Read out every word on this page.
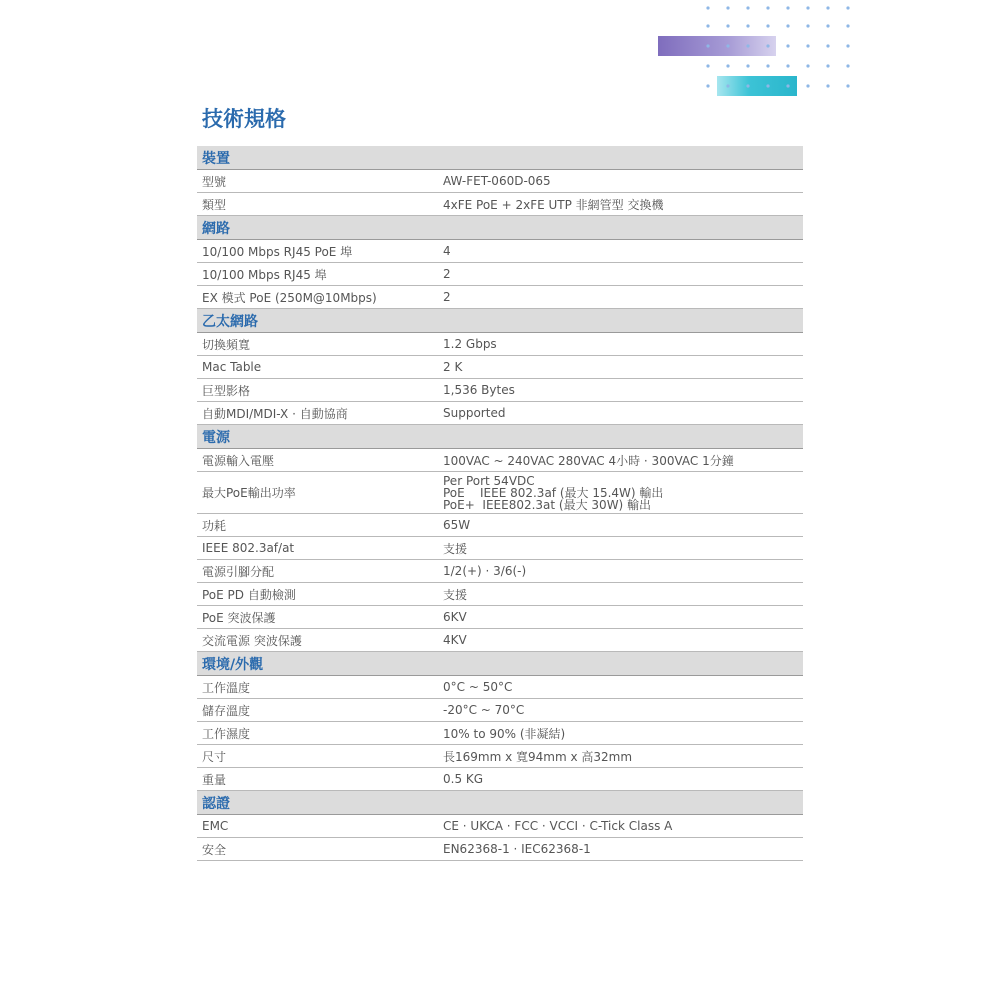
技術規格
裝置	
型號	AW-FET-060D-065
類型	4xFE PoE + 2xFE UTP 非網管型 交換機
網路	
10/100 Mbps RJ45 PoE 埠	4
10/100 Mbps RJ45 埠	2
EX 模式 PoE (250M@10Mbps)	2
乙太網路	
切換頻寬	1.2 Gbps
Mac Table	2 K
巨型影格	1,536 Bytes
自動MDI/MDI-X · 自動協商	Supported
電源	
電源輸入電壓	100VAC ~ 240VAC 280VAC 4小時 · 300VAC 1分鐘
最大PoE輸出功率	Per Port 54VDC
PoE    IEEE 802.3af (最大 15.4W) 輸出
PoE+  IEEE802.3at (最大 30W) 輸出

功耗	65W
IEEE 802.3af/at	支援
電源引腳分配	1/2(+) · 3/6(-)
PoE PD 自動檢測	支援
PoE 突波保護	6KV
交流電源 突波保護	4KV
環境/外觀	
工作溫度	0°C ~ 50°C
儲存溫度	-20°C ~ 70°C
工作濕度	10% to 90% (非凝結)
尺寸	長169mm x 寬94mm x 高32mm
重量	0.5 KG
認證	
EMC	CE · UKCA · FCC · VCCI · C-Tick Class A
安全	EN62368-1 · IEC62368-1
